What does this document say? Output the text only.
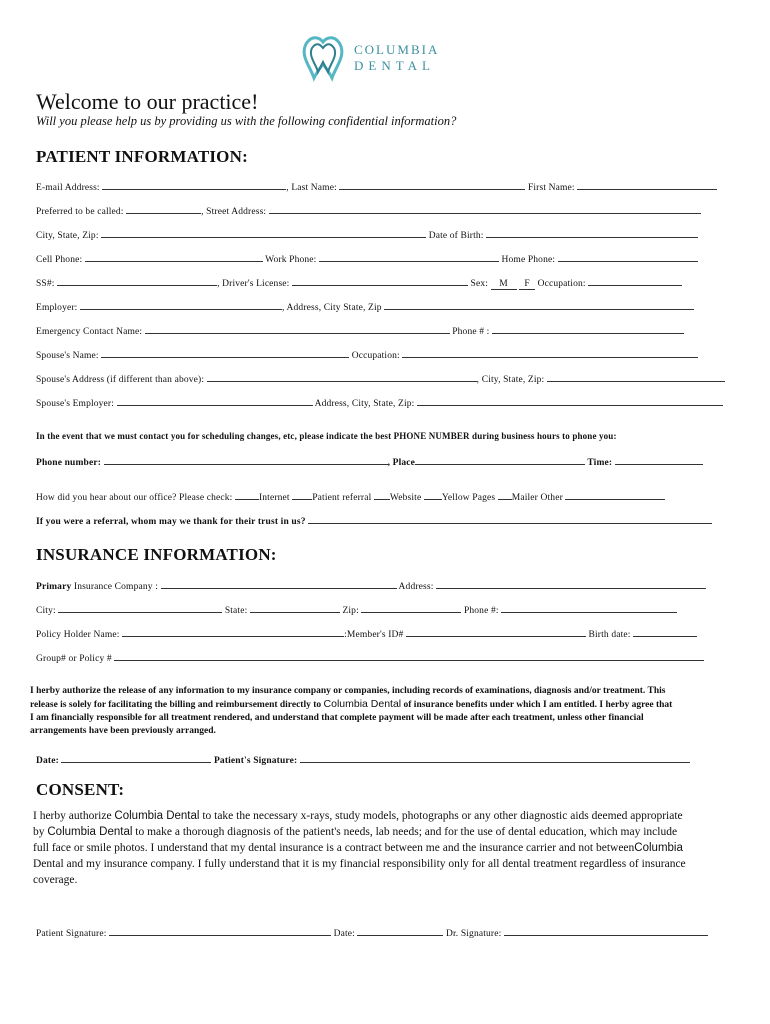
COLUMBIA
DENTAL
Welcome to our practice!
Will you please help us by providing us with the following confidential information?
PATIENT INFORMATION:
E-mail Address:	, Last Name:	First Name:
Preferred to be called:	, Street Address:
City, State, Zip:	Date of Birth:
Cell Phone:	Work Phone:	Home Phone:
SS#:	, Driver's License:	Sex: M F Occupation:
Employer:	, Address, City State, Zip
Emergency Contact Name:	Phone # :
Spouse's Name:	Occupation:
Spouse's Address (if different than above):	, City, State, Zip:
Spouse's Employer:	Address, City, State, Zip:
In the event that we must contact you for scheduling changes, etc, please indicate the best PHONE NUMBER during business hours to phone you:
Phone number:	, Place	Time:
How did you hear about our office? Please check:	Internet Patient referral Website Yellow Pages Mailer Other
If you were a referral, whom may we thank for their trust in us?
INSURANCE INFORMATION:
Primary Insurance Company :	Address:
City:	State:	Zip:	Phone #:
Policy Holder Name:	:Member's ID#	Birth date:
Group# or Policy #
I herby authorize the release of any information to my insurance company or companies, including records of examinations, diagnosis and/or treatment. This
release is solely for facilitating the billing and reimbursement directly to Columbia Dental of insurance benefits under which I am entitled. I herby agree that
I am financially responsible for all treatment rendered, and understand that complete payment will be made after each treatment, unless other financial
arrangements have been previously arranged.
Date:	Patient's Signature:
CONSENT:
I herby authorize Columbia Dental to take the necessary x-rays, study models, photographs or any other diagnostic aids deemed appropriate
by Columbia Dental to make a thorough diagnosis of the patient's needs, lab needs; and for the use of dental education, which may include
full face or smile photos. I understand that my dental insurance is a contract between me and the insurance carrier and not betweenColumbia
Dental and my insurance company. I fully understand that it is my financial responsibility only for all dental treatment regardless of insurance
coverage.
Patient Signature:	Date:	Dr. Signature:
